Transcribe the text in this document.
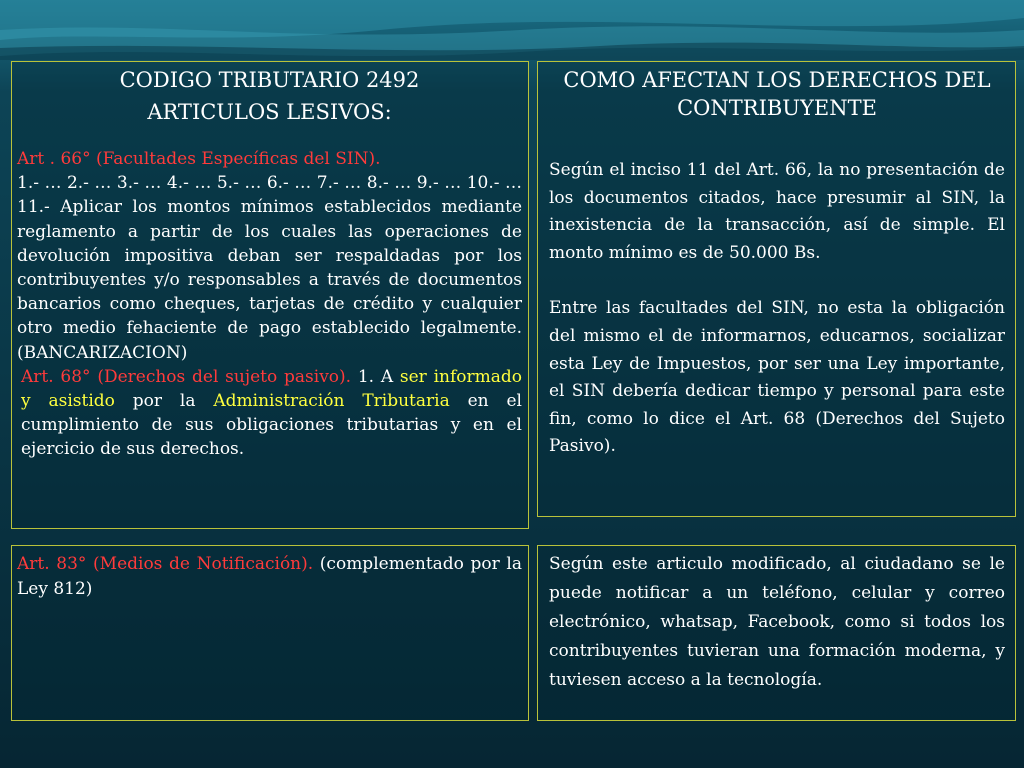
CODIGO TRIBUTARIO 2492

ARTICULOS LESIVOS:

Art . 66° (Facultades Específicas del SIN).

1.- … 2.- … 3.- … 4.- … 5.- … 6.- … 7.- … 8.- … 9.- … 10.- … 11.- Aplicar los montos mínimos establecidos mediante reglamento a partir de los cuales las operaciones de devolución impositiva deban ser respaldadas por los contribuyentes y/o responsables a través de documentos bancarios como cheques, tarjetas de crédito y cualquier otro medio fehaciente de pago establecido legalmente. (BANCARIZACION)

Art. 68° (Derechos del sujeto pasivo). 1. A ser informado y asistido por la Administración Tributaria en el cumplimiento de sus obligaciones tributarias y en el ejercicio de sus derechos.

COMO AFECTAN LOS DERECHOS DEL CONTRIBUYENTE

Según el inciso 11 del Art. 66, la no presentación de los documentos citados, hace presumir al SIN, la inexistencia de la transacción, así de simple. El monto mínimo es de 50.000 Bs.

Entre las facultades del SIN, no esta la obligación del mismo el de informarnos, educarnos, socializar esta Ley de Impuestos, por ser una Ley importante, el SIN debería dedicar tiempo y personal para este fin, como lo dice el Art. 68 (Derechos del Sujeto Pasivo).

Art. 83° (Medios de Notificación). (complementado por la Ley 812)

Según este articulo modificado, al ciudadano se le puede notificar a un teléfono, celular y correo electrónico, whatsap, Facebook, como si todos los contribuyentes tuvieran una formación moderna, y tuviesen acceso a la tecnología.
